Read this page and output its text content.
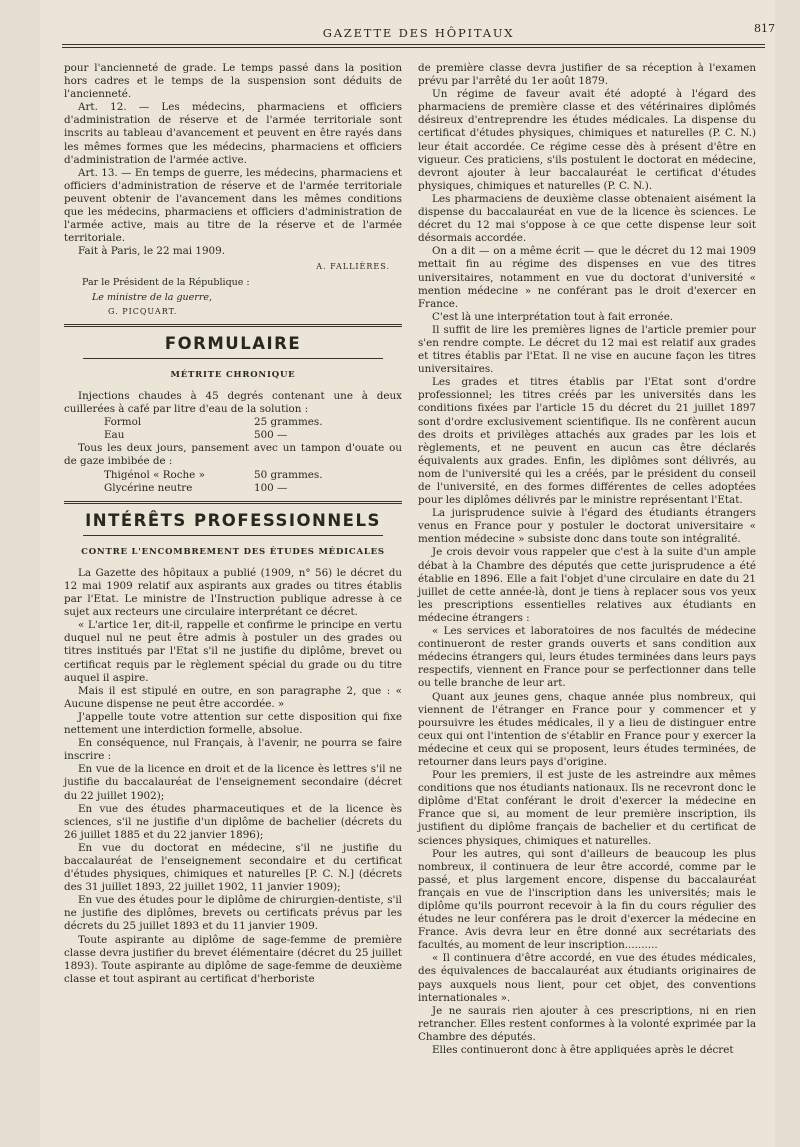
GAZETTE DES HÔPITAUX	817

pour l'ancienneté de grade. Le temps passé dans la position hors cadres et le temps de la suspension sont déduits de l'ancienneté.

Art. 12. — Les médecins, pharmaciens et officiers d'administration de réserve et de l'armée territoriale sont inscrits au tableau d'avancement et peuvent en être rayés dans les mêmes formes que les médecins, pharmaciens et officiers d'administration de l'armée active.

Art. 13. — En temps de guerre, les médecins, pharmaciens et officiers d'administration de réserve et de l'armée territoriale peuvent obtenir de l'avancement dans les mêmes conditions que les médecins, pharmaciens et officiers d'administration de l'armée active, mais au titre de la réserve et de l'armée territoriale.

Fait à Paris, le 22 mai 1909.

A. FALLIÈRES.
Par le Président de la République :
Le ministre de la guerre,
G. PICQUART.
FORMULAIRE
MÉTRITE CHRONIQUE

Injections chaudes à 45 degrés contenant une à deux cuillerées à café par litre d'eau de la solution :

Formol	25 grammes.
Eau	500 —

Tous les deux jours, pansement avec un tampon d'ouate ou de gaze imbibée de :

Thigénol « Roche »	50 grammes.
Glycérine neutre	100 —
INTÉRÊTS PROFESSIONNELS
CONTRE L'ENCOMBREMENT DES ÉTUDES MÉDICALES

La Gazette des hôpitaux a publié (1909, n° 56) le décret du 12 mai 1909 relatif aux aspirants aux grades ou titres établis par l'Etat. Le ministre de l'Instruction publique adresse à ce sujet aux recteurs une circulaire interprétant ce décret.

« L'artice 1er, dit-il, rappelle et confirme le principe en vertu duquel nul ne peut être admis à postuler un des grades ou titres institués par l'Etat s'il ne justifie du diplôme, brevet ou certificat requis par le règlement spécial du grade ou du titre auquel il aspire.

Mais il est stipulé en outre, en son paragraphe 2, que : « Aucune dispense ne peut être accordée. »

J'appelle toute votre attention sur cette disposition qui fixe nettement une interdiction formelle, absolue.

En conséquence, nul Français, à l'avenir, ne pourra se faire inscrire :

En vue de la licence en droit et de la licence ès lettres s'il ne justifie du baccalauréat de l'enseignement secondaire (décret du 22 juillet 1902);

En vue des études pharmaceutiques et de la licence ès sciences, s'il ne justifie d'un diplôme de bachelier (décrets du 26 juillet 1885 et du 22 janvier 1896);

En vue du doctorat en médecine, s'il ne justifie du baccalauréat de l'enseignement secondaire et du certificat d'études physiques, chimiques et naturelles [P. C. N.] (décrets des 31 juillet 1893, 22 juillet 1902, 11 janvier 1909);

En vue des études pour le diplôme de chirurgien-dentiste, s'il ne justifie des diplômes, brevets ou certificats prévus par les décrets du 25 juillet 1893 et du 11 janvier 1909.

Toute aspirante au diplôme de sage-femme de première classe devra justifier du brevet élémentaire (décret du 25 juillet 1893). Toute aspirante au diplôme de sage-femme de deuxième classe et tout aspirant au certificat d'herboriste

de première classe devra justifier de sa réception à l'examen prévu par l'arrêté du 1er août 1879.

Un régime de faveur avait été adopté à l'égard des pharmaciens de première classe et des vétérinaires diplômés désireux d'entreprendre les études médicales. La dispense du certificat d'études physiques, chimiques et naturelles (P. C. N.) leur était accordée. Ce régime cesse dès à présent d'être en vigueur. Ces praticiens, s'ils postulent le doctorat en médecine, devront ajouter à leur baccalauréat le certificat d'études physiques, chimiques et naturelles (P. C. N.).

Les pharmaciens de deuxième classe obtenaient aisément la dispense du baccalauréat en vue de la licence ès sciences. Le décret du 12 mai s'oppose à ce que cette dispense leur soit désormais accordée.

On a dit — on a même écrit — que le décret du 12 mai 1909 mettait fin au régime des dispenses en vue des titres universitaires, notamment en vue du doctorat d'université « mention médecine » ne conférant pas le droit d'exercer en France.

C'est là une interprétation tout à fait erronée.

Il suffit de lire les premières lignes de l'article premier pour s'en rendre compte. Le décret du 12 mai est relatif aux grades et titres établis par l'Etat. Il ne vise en aucune façon les titres universitaires.

Les grades et titres établis par l'Etat sont d'ordre professionnel; les titres créés par les universités dans les conditions fixées par l'article 15 du décret du 21 juillet 1897 sont d'ordre exclusivement scientifique. Ils ne confèrent aucun des droits et privilèges attachés aux grades par les lois et règlements, et ne peuvent en aucun cas être déclarés équivalents aux grades. Enfin, les diplômes sont délivrés, au nom de l'université qui les a créés, par le président du conseil de l'université, en des formes différentes de celles adoptées pour les diplômes délivrés par le ministre représentant l'Etat.

La jurisprudence suivie à l'égard des étudiants étrangers venus en France pour y postuler le doctorat universitaire « mention médecine » subsiste donc dans toute son intégralité.

Je crois devoir vous rappeler que c'est à la suite d'un ample débat à la Chambre des députés que cette jurisprudence a été établie en 1896. Elle a fait l'objet d'une circulaire en date du 21 juillet de cette année-là, dont je tiens à replacer sous vos yeux les prescriptions essentielles relatives aux étudiants en médecine étrangers :

« Les services et laboratoires de nos facultés de médecine continueront de rester grands ouverts et sans condition aux médecins étrangers qui, leurs études terminées dans leurs pays respectifs, viennent en France pour se perfectionner dans telle ou telle branche de leur art.

Quant aux jeunes gens, chaque année plus nombreux, qui viennent de l'étranger en France pour y commencer et y poursuivre les études médicales, il y a lieu de distinguer entre ceux qui ont l'intention de s'établir en France pour y exercer la médecine et ceux qui se proposent, leurs études terminées, de retourner dans leurs pays d'origine.

Pour les premiers, il est juste de les astreindre aux mêmes conditions que nos étudiants nationaux. Ils ne recevront donc le diplôme d'Etat conférant le droit d'exercer la médecine en France que si, au moment de leur première inscription, ils justifient du diplôme français de bachelier et du certificat de sciences physiques, chimiques et naturelles.

Pour les autres, qui sont d'ailleurs de beaucoup les plus nombreux, il continuera de leur être accordé, comme par le passé, et plus largement encore, dispense du baccalauréat français en vue de l'inscription dans les universités; mais le diplôme qu'ils pourront recevoir à la fin du cours régulier des études ne leur conférera pas le droit d'exercer la médecine en France. Avis devra leur en être donné aux secrétariats des facultés, au moment de leur inscription..........

« Il continuera d'être accordé, en vue des études médicales, des équivalences de baccalauréat aux étudiants originaires de pays auxquels nous lient, pour cet objet, des conventions internationales ».

Je ne saurais rien ajouter à ces prescriptions, ni en rien retrancher. Elles restent conformes à la volonté exprimée par la Chambre des députés.

Elles continueront donc à être appliquées après le décret
